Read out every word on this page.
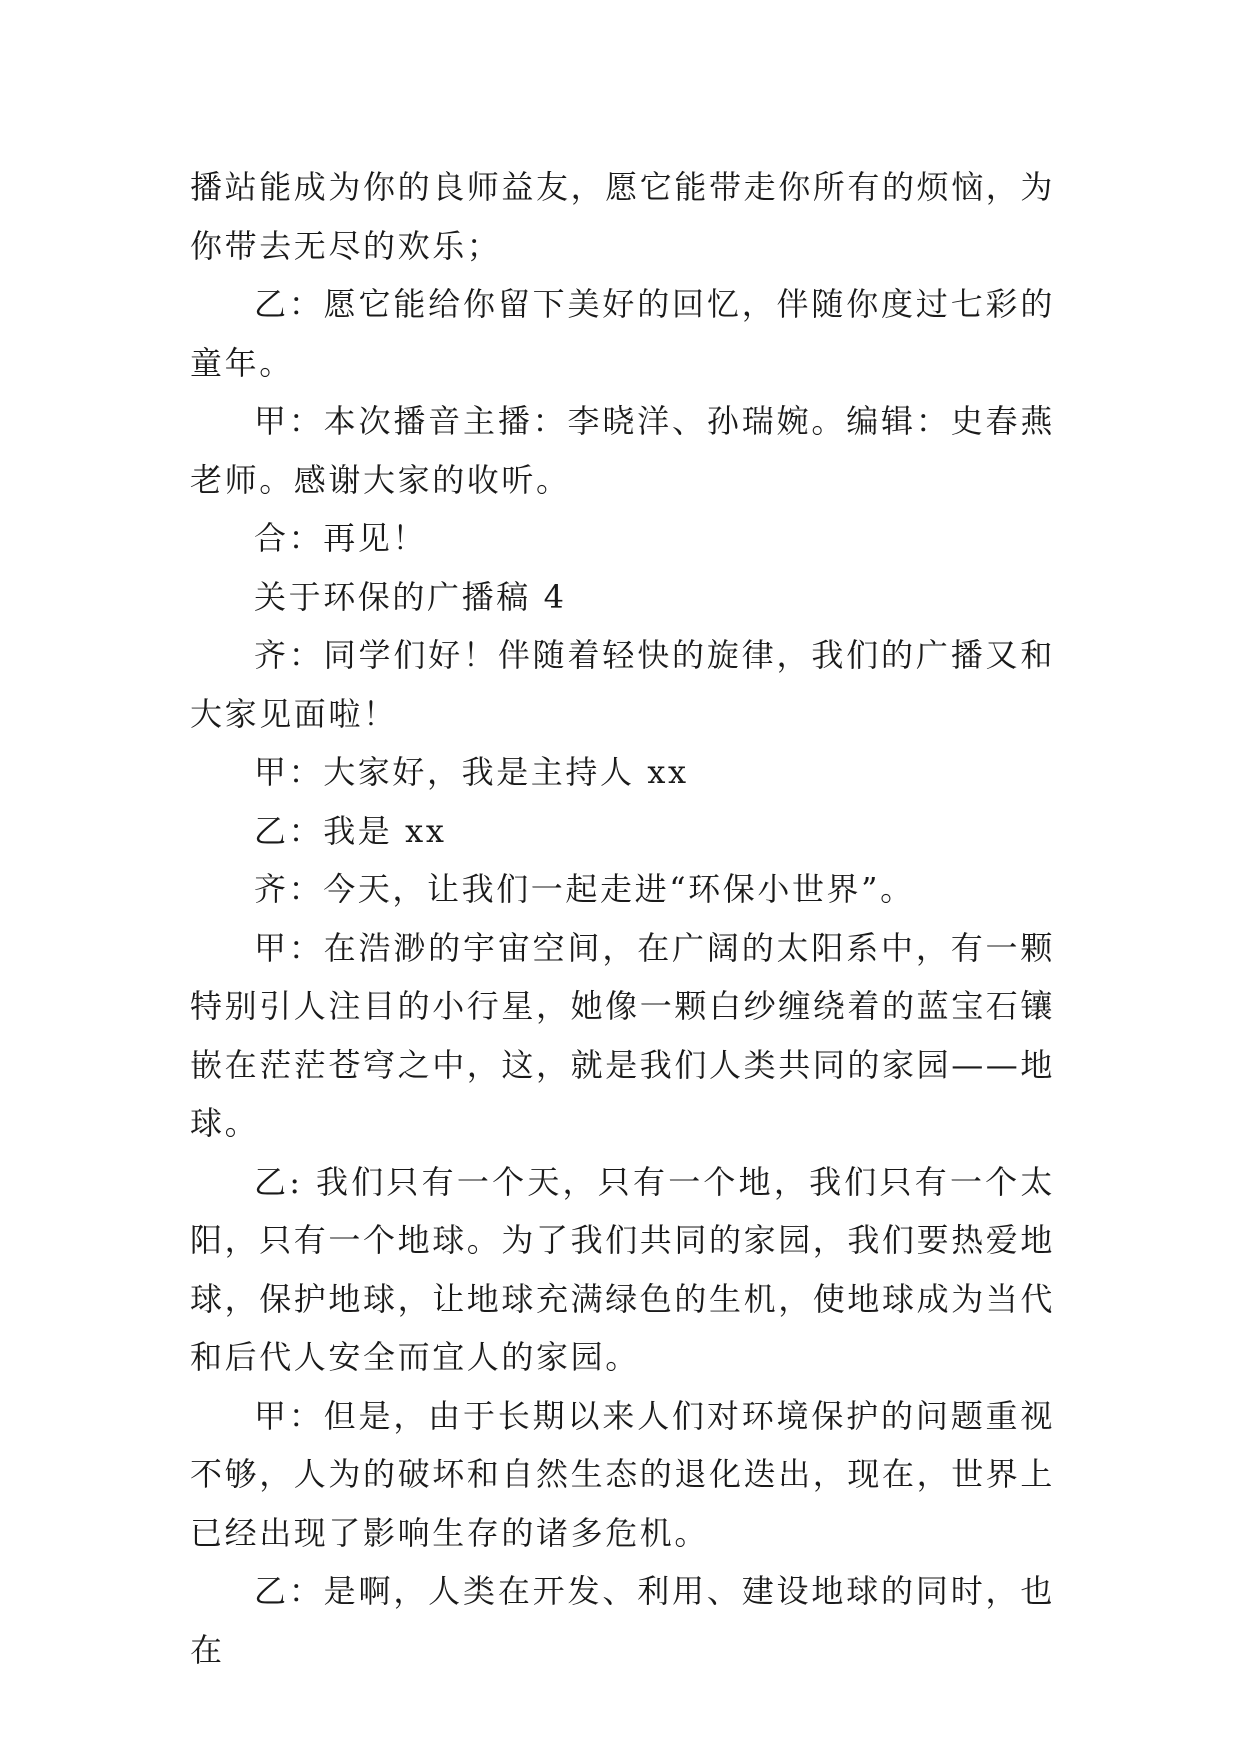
播站能成为你的良师益友，愿它能带走你所有的烦恼，为你带去无尽的欢乐；

乙：愿它能给你留下美好的回忆，伴随你度过七彩的童年。

甲：本次播音主播：李晓洋、孙瑞婉。编辑：史春燕老师。感谢大家的收听。

合：再见！

关于环保的广播稿 4

齐：同学们好！伴随着轻快的旋律，我们的广播又和大家见面啦！

甲：大家好，我是主持人 xx

乙：我是 xx

齐：今天，让我们一起走进“环保小世界”。

甲：在浩渺的宇宙空间，在广阔的太阳系中，有一颗特别引人注目的小行星，她像一颗白纱缠绕着的蓝宝石镶嵌在茫茫苍穹之中，这，就是我们人类共同的家园——地球。

乙: 我们只有一个天，只有一个地，我们只有一个太阳，只有一个地球。为了我们共同的家园，我们要热爱地球，保护地球，让地球充满绿色的生机，使地球成为当代和后代人安全而宜人的家园。

甲：但是，由于长期以来人们对环境保护的问题重视不够，人为的破坏和自然生态的退化迭出，现在，世界上已经出现了影响生存的诸多危机。

乙：是啊，人类在开发、利用、建设地球的同时，也在
